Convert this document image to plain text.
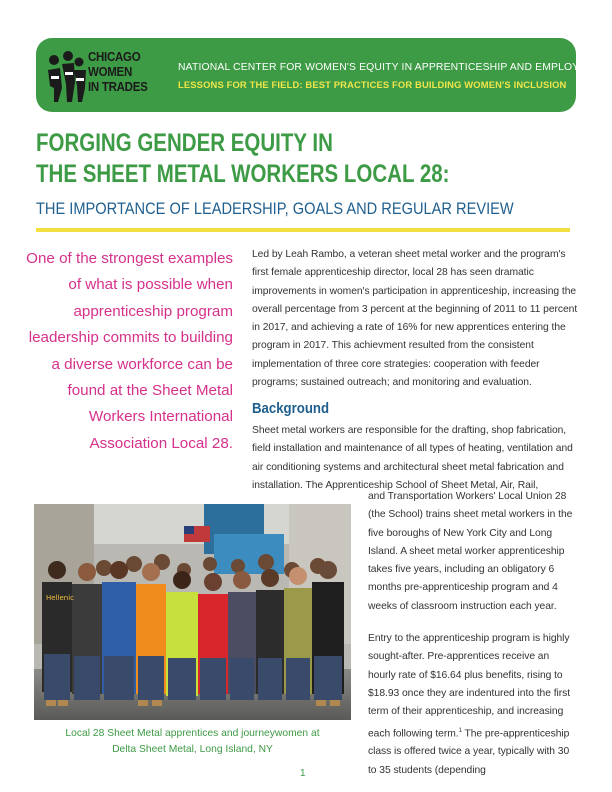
CHICAGO
WOMEN
IN TRADES
NATIONAL CENTER FOR WOMEN'S EQUITY IN APPRENTICESHIP AND EMPLOYMENT
LESSONS FOR THE FIELD: BEST PRACTICES FOR BUILDING WOMEN'S INCLUSION
FORGING GENDER EQUITY IN
THE SHEET METAL WORKERS LOCAL 28:
THE IMPORTANCE OF LEADERSHIP, GOALS AND REGULAR REVIEW
One of the strongest examples of what is possible when apprenticeship program leadership commits to building a diverse workforce can be found at the Sheet Metal Workers International Association Local 28.
Led by Leah Rambo, a veteran sheet metal worker and the program's first female apprenticeship director, local 28 has seen dramatic improvements in women's participation in apprenticeship, increasing the overall percentage from 3 percent at the beginning of 2011 to 11 percent in 2017, and achieving a rate of 16% for new apprentices entering the program in 2017. This achievment resulted from the consistent implementation of three core strategies: cooperation with feeder programs; sustained outreach; and monitoring and evaluation.
Background
Sheet metal workers are responsible for the drafting, shop fabrication, field installation and maintenance of all types of heating, ventilation and air conditioning systems and architectural sheet metal fabrication and installation. The Apprenticeship School of Sheet Metal, Air, Rail,

and Transportation Workers' Local Union 28 (the School) trains sheet metal workers in the five boroughs of New York City and Long Island. A sheet metal worker apprenticeship takes five years, including an obligatory 6 months pre-apprenticeship program and 4 weeks of classroom instruction each year.

Entry to the apprenticeship program is highly sought-after. Pre-apprentices receive an hourly rate of $16.64 plus benefits, rising to $18.93 once they are indentured into the first term of their apprenticeship, and increasing each following term.$^1$ The pre-apprenticeship class is offered twice a year, typically with 30 to 35 students (depending

Hellenic
Local 28 Sheet Metal apprentices and journeywomen at
Delta Sheet Metal, Long Island, NY
1
